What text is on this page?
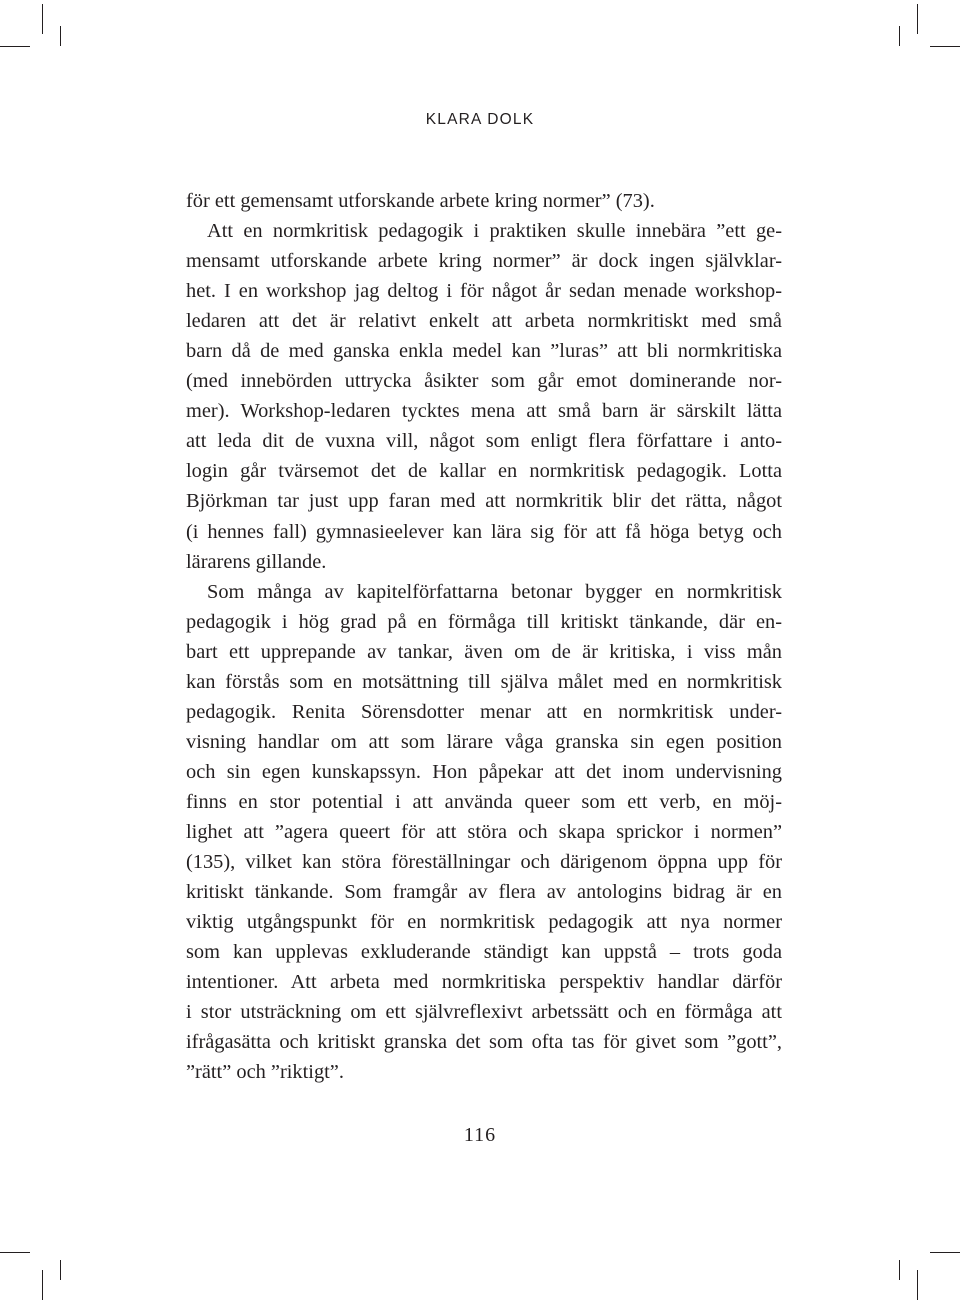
KLARA DOLK
för ett gemensamt utforskande arbete kring normer” (73).
Att en normkritisk pedagogik i praktiken skulle innebära ”ett ge-
mensamt utforskande arbete kring normer” är dock ingen självklar-
het. I en workshop jag deltog i för något år sedan menade workshop-
ledaren att det är relativt enkelt att arbeta normkritiskt med små
barn då de med ganska enkla medel kan ”luras” att bli normkritiska
(med innebörden uttrycka åsikter som går emot dominerande nor-
mer). Workshop-ledaren tycktes mena att små barn är särskilt lätta
att leda dit de vuxna vill, något som enligt flera författare i anto-
login går tvärsemot det de kallar en normkritisk pedagogik. Lotta
Björkman tar just upp faran med att normkritik blir det rätta, något
(i hennes fall) gymnasieelever kan lära sig för att få höga betyg och
lärarens gillande.
Som många av kapitelförfattarna betonar bygger en normkritisk
pedagogik i hög grad på en förmåga till kritiskt tänkande, där en-
bart ett upprepande av tankar, även om de är kritiska, i viss mån
kan förstås som en motsättning till själva målet med en normkritisk
pedagogik. Renita Sörensdotter menar att en normkritisk under-
visning handlar om att som lärare våga granska sin egen position
och sin egen kunskapssyn. Hon påpekar att det inom undervisning
finns en stor potential i att använda queer som ett verb, en möj-
lighet att ”agera queert för att störa och skapa sprickor i normen”
(135), vilket kan störa föreställningar och därigenom öppna upp för
kritiskt tänkande. Som framgår av flera av antologins bidrag är en
viktig utgångspunkt för en normkritisk pedagogik att nya normer
som kan upplevas exkluderande ständigt kan uppstå – trots goda
intentioner. Att arbeta med normkritiska perspektiv handlar därför
i stor utsträckning om ett självreflexivt arbetssätt och en förmåga att
ifrågasätta och kritiskt granska det som ofta tas för givet som ”gott”,
”rätt” och ”riktigt”.
116
